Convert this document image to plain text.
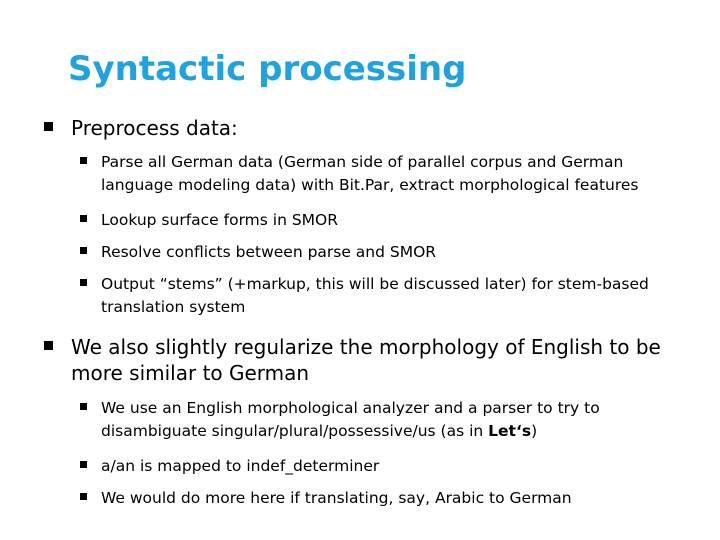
Syntactic processing
Preprocess data:
Parse all German data (German side of parallel corpus and German language modeling data) with Bit.Par, extract morphological features
Lookup surface forms in SMOR
Resolve conflicts between parse and SMOR
Output “stems” (+markup, this will be discussed later) for stem-based translation system
We also slightly regularize the morphology of English to be more similar to German
We use an English morphological analyzer and a parser to try to disambiguate singular/plural/possessive/us (as in Let‘s)
a/an is mapped to indef_determiner
We would do more here if translating, say, Arabic to German
